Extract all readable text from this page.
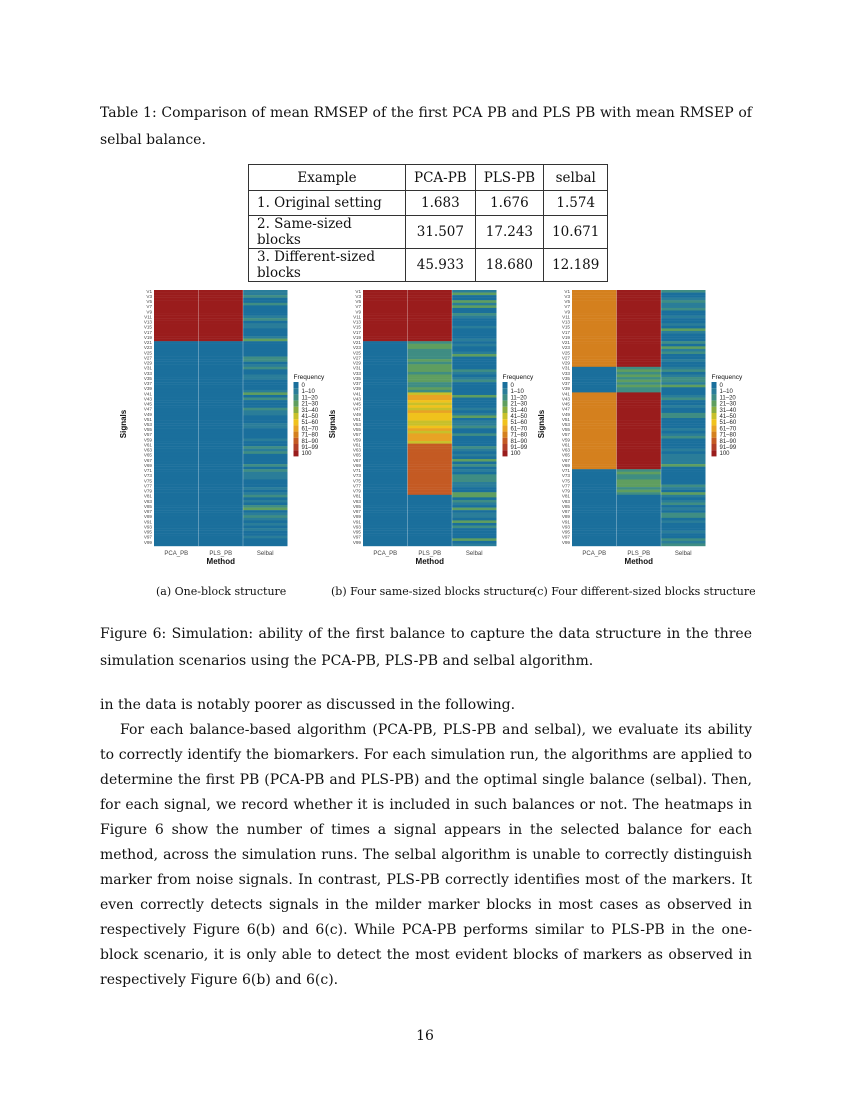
Table 1: Comparison of mean RMSEP of the first PCA PB and PLS PB with mean RMSEP of selbal balance.
Example	PCA-PB	PLS-PB	selbal
1. Original setting	1.683	1.676	1.574
2. Same-sized blocks	31.507	17.243	10.671
3. Different-sized blocks	45.933	18.680	12.189
V1
V3
V5
V7
V9
V11
V13
V15
V17
V19
V21
V23
V25
V27
V29
V31
V33
V35
V37
V39
V41
V43
V45
V47
V49
V51
V53
V55
V57
V59
V61
V63
V65
V67
V69
V71
V73
V75
V77
V79
V81
V83
V85
V87
V89
V91
V93
V95
V97
V99
PCA_PB	PLS_PB	Selbal
Method
Signals
Frequency
0
1–10
11–20
21–30
31–40
41–50
51–60
61–70
71–80
81–90
91–99
100
V1
V3
V5
V7
V9
V11
V13
V15
V17
V19
V21
V23
V25
V27
V29
V31
V33
V35
V37
V39
V41
V43
V45
V47
V49
V51
V53
V55
V57
V59
V61
V63
V65
V67
V69
V71
V73
V75
V77
V79
V81
V83
V85
V87
V89
V91
V93
V95
V97
V99
PCA_PB	PLS_PB	Selbal
Method
Signals
Frequency
0
1–10
11–20
21–30
31–40
41–50
51–60
61–70
71–80
81–90
91–99
100
V1
V3
V5
V7
V9
V11
V13
V15
V17
V19
V21
V23
V25
V27
V29
V31
V33
V35
V37
V39
V41
V43
V45
V47
V49
V51
V53
V55
V57
V59
V61
V63
V65
V67
V69
V71
V73
V75
V77
V79
V81
V83
V85
V87
V89
V91
V93
V95
V97
V99
PCA_PB	PLS_PB	Selbal
Method
Signals
Frequency
0
1–10
11–20
21–30
31–40
41–50
51–60
61–70
71–80
81–90
91–99
100
(a) One-block structure	(b) Four same-sized blocks structure
(c) Four different-sized blocks structure
Figure 6: Simulation: ability of the first balance to capture the data structure in the three simulation scenarios using the PCA-PB, PLS-PB and selbal algorithm.

in the data is notably poorer as discussed in the following.

For each balance-based algorithm (PCA-PB, PLS-PB and selbal), we evaluate its ability to correctly identify the biomarkers. For each simulation run, the algorithms are applied to determine the first PB (PCA-PB and PLS-PB) and the optimal single balance (selbal). Then, for each signal, we record whether it is included in such balances or not. The heatmaps in Figure 6 show the number of times a signal appears in the selected balance for each method, across the simulation runs. The selbal algorithm is unable to correctly distinguish marker from noise signals. In contrast, PLS-PB correctly identifies most of the markers. It even correctly detects signals in the milder marker blocks in most cases as observed in respectively Figure 6(b) and 6(c). While PCA-PB performs similar to PLS-PB in the one-block scenario, it is only able to detect the most evident blocks of markers as observed in respectively Figure 6(b) and 6(c).

16
